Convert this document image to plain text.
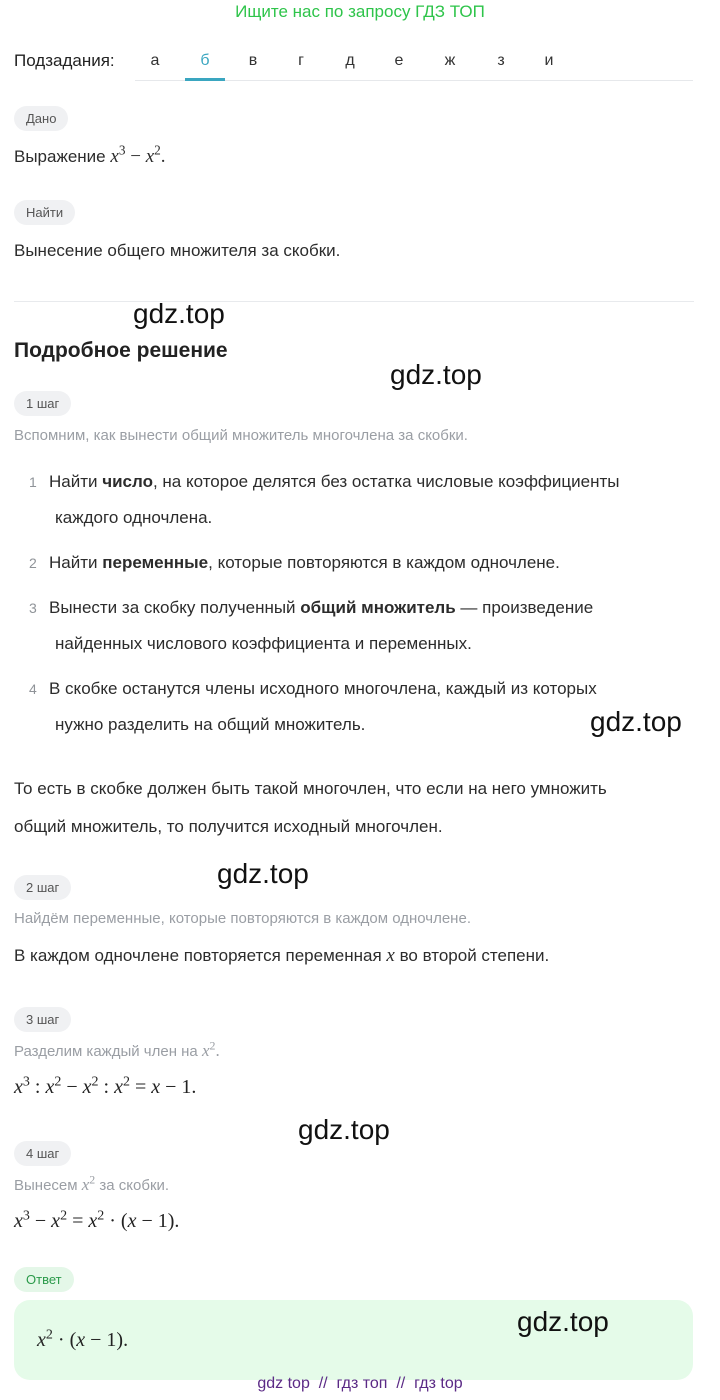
Ищите нас по запросу ГДЗ ТОП
Подзадания:	а	б	в	г	д	е	ж	з	и
Дано
Выражение $x^3 - x^2$.
Найти
Вынесение общего множителя за скобки.
gdz.top
gdz.top
gdz.top
gdz.top
gdz.top
gdz.top
Подробное решение
1 шаг
Вспомним, как вынести общий множитель многочлена за скобки.
1 Найти число, на которое делятся без остатка числовые коэффициенты
каждого одночлена.
2 Найти переменные, которые повторяются в каждом одночлене.
3 Вынести за скобку полученный общий множитель — произведение
найденных числового коэффициента и переменных.
4 В скобке останутся члены исходного многочлена, каждый из которых
нужно разделить на общий множитель.
То есть в скобке должен быть такой многочлен, что если на него умножить
общий множитель, то получится исходный многочлен.
2 шаг
Найдём переменные, которые повторяются в каждом одночлене.
В каждом одночлене повторяется переменная x во второй степени.
3 шаг
Разделим каждый член на $x^2$.
$x^3$ : $x^2 - x^2$ : $x^2 = x - 1$.
4 шаг
Вынесем $x^2$ за скобки.
$x^3 - x^2 = x^2 \cdot (x - 1)$.
Ответ
$x^2 \cdot (x - 1)$.
gdz top // гдз топ // гдз top
